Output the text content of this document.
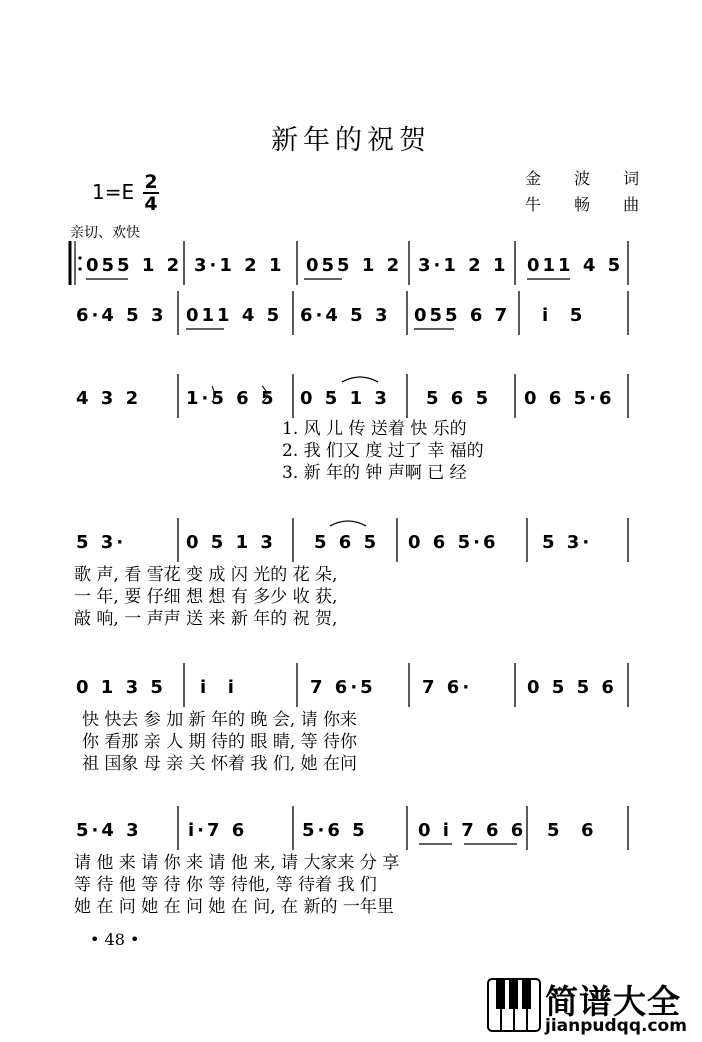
新年的祝贺
金 波 词
牛 畅 曲
$1=E \frac{2}{4}$
亲切、欢快
055 1 2 3·1 2 1 055 1 2 3·1 2 1 011 4 5
6·4 5 3 011 4 5 6·4 5 3 055 6 7 i  5
4 3 2 1·5 6 5 0 5 1 3 5 6 5 0 6 5·6
1. 风 儿 传 送着 快 乐的
2. 我 们又 度 过了 幸 福的
3. 新 年的 钟 声啊 已 经
5 3·	0 5 1 3 5 6 5 0 6 5·6 5 3·
歌 声, 看 雪花 变 成 闪 光的 花 朵,
一 年, 要 仔细 想 想 有 多少 收 获,
敲 响, 一 声声 送 来 新 年的 祝 贺,
0 1 3 5 i  i	7 6·5	7 6·	0 5 5 6
快 快去 参 加 新 年的 晚 会, 请 你来
你 看那 亲 人 期 待的 眼 睛, 等 待你
祖 国象 母 亲 关 怀着 我 们, 她 在问
5·4 3	i·7 6	5·6 5	0 i 7 6 6 5  6
请 他 来 请 你 来 请 他 来, 请 大家来 分 享
等 待 他 等 待 你 等 待他, 等 待着 我 们
她 在 问 她 在 问 她 在 问, 在 新的 一年里
• 48 •
简谱大全
jianpudqq.com
